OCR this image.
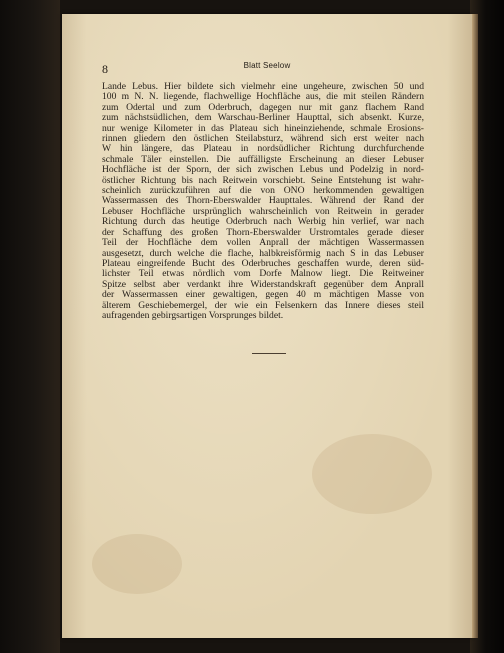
8	Blatt Seelow
Lande Lebus. Hier bildete sich vielmehr eine ungeheure, zwischen 50 und
100 m N. N. liegende, flachwellige Hochfläche aus, die mit steilen Rändern
zum Odertal und zum Oderbruch, dagegen nur mit ganz flachem Rand
zum nächstsüdlichen, dem Warschau-Berliner Haupttal, sich absenkt. Kurze,
nur wenige Kilometer in das Plateau sich hineinziehende, schmale Erosions-
rinnen gliedern den östlichen Steilabsturz, während sich erst weiter nach
W hin längere, das Plateau in nordsüdlicher Richtung durchfurchende
schmale Täler einstellen. Die auffälligste Erscheinung an dieser Lebuser
Hochfläche ist der Sporn, der sich zwischen Lebus und Podelzig in nord-
östlicher Richtung bis nach Reitwein vorschiebt. Seine Entstehung ist wahr-
scheinlich zurückzuführen auf die von ONO herkommenden gewaltigen
Wassermassen des Thorn-Eberswalder Haupttales. Während der Rand der
Lebuser Hochfläche ursprünglich wahrscheinlich von Reitwein in gerader
Richtung durch das heutige Oderbruch nach Werbig hin verlief, war nach
der Schaffung des großen Thorn-Eberswalder Urstromtales gerade dieser
Teil der Hochfläche dem vollen Anprall der mächtigen Wassermassen
ausgesetzt, durch welche die flache, halbkreisförmig nach S in das Lebuser
Plateau eingreifende Bucht des Oderbruches geschaffen wurde, deren süd-
lichster Teil etwas nördlich vom Dorfe Malnow liegt. Die Reitweiner
Spitze selbst aber verdankt ihre Widerstandskraft gegenüber dem Anprall
der Wassermassen einer gewaltigen, gegen 40 m mächtigen Masse von
älterem Geschiebemergel, der wie ein Felsenkern das Innere dieses steil
aufragenden gebirgsartigen Vorsprunges bildet.
